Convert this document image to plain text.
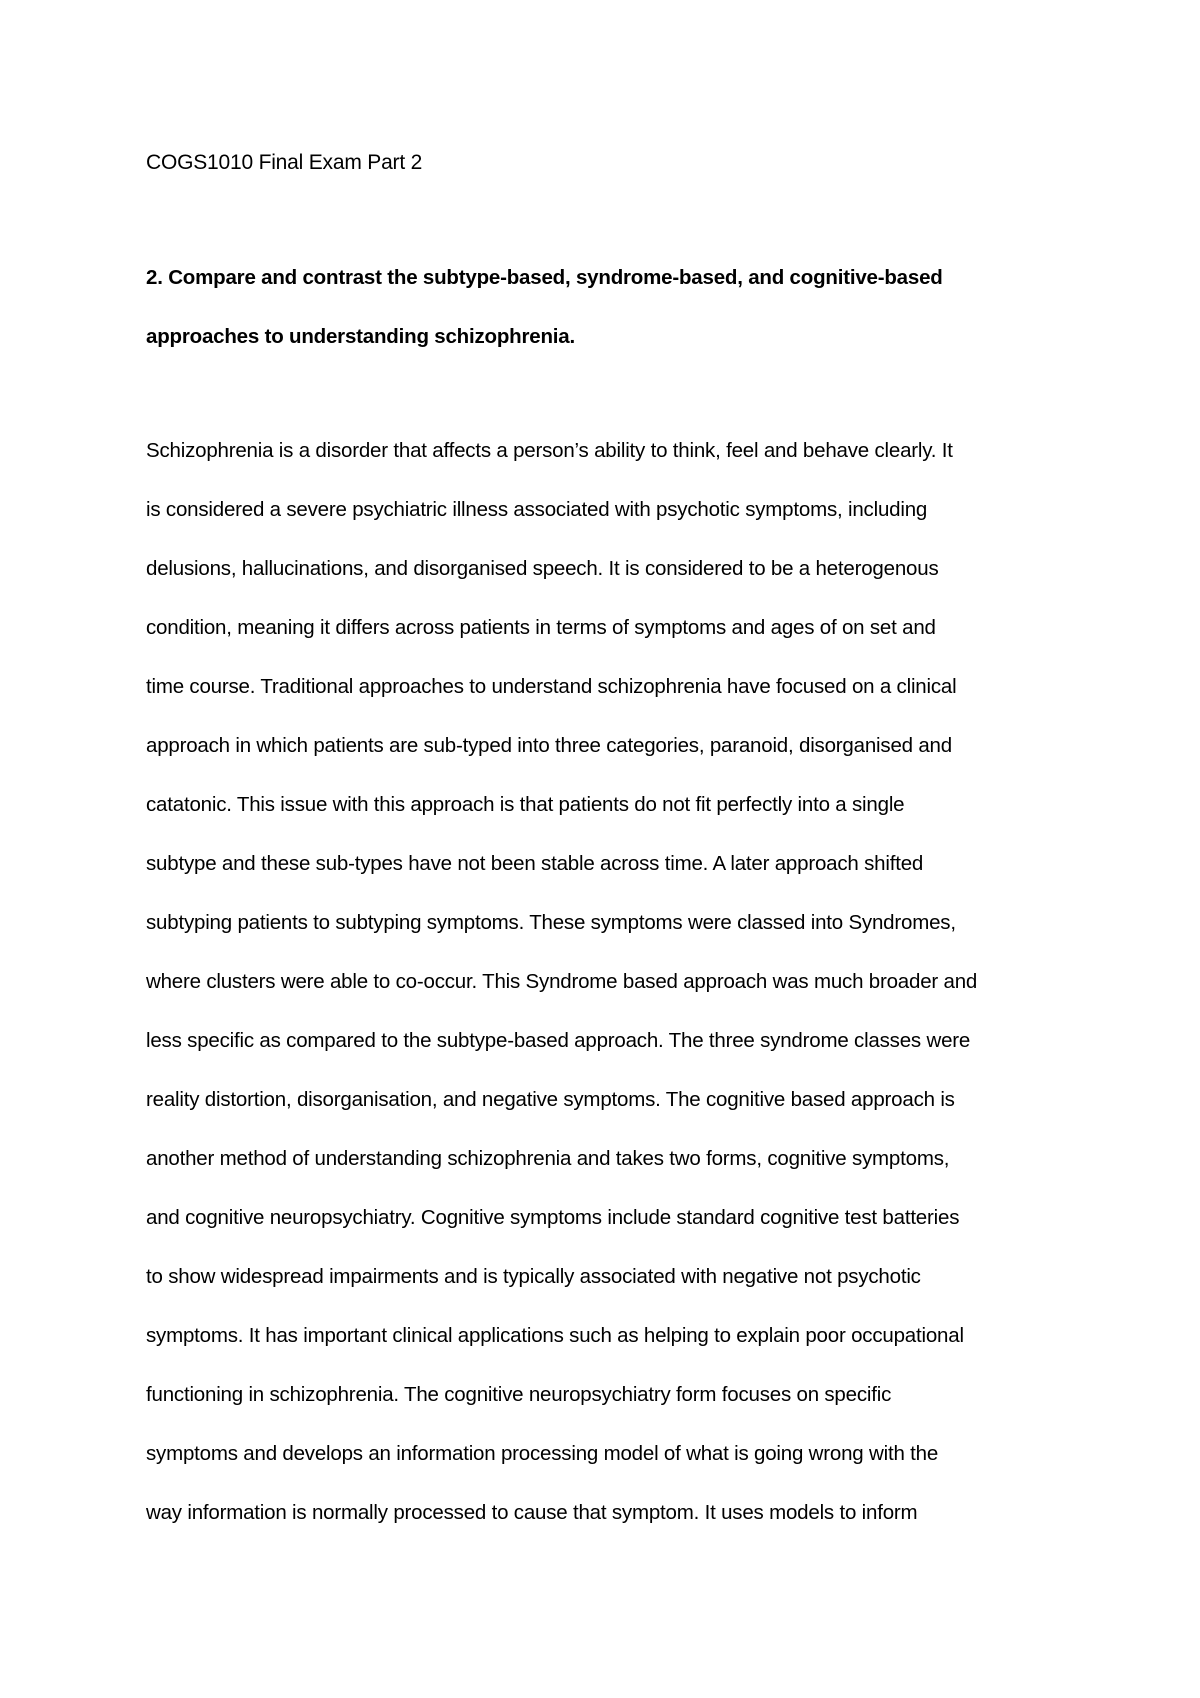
COGS1010 Final Exam Part 2
2. Compare and contrast the subtype-based, syndrome-based, and cognitive-based
approaches to understanding schizophrenia.
Schizophrenia is a disorder that affects a person’s ability to think, feel and behave clearly. It
is considered a severe psychiatric illness associated with psychotic symptoms, including
delusions, hallucinations, and disorganised speech. It is considered to be a heterogenous
condition, meaning it differs across patients in terms of symptoms and ages of on set and
time course. Traditional approaches to understand schizophrenia have focused on a clinical
approach in which patients are sub-typed into three categories, paranoid, disorganised and
catatonic. This issue with this approach is that patients do not fit perfectly into a single
subtype and these sub-types have not been stable across time. A later approach shifted
subtyping patients to subtyping symptoms. These symptoms were classed into Syndromes,
where clusters were able to co-occur. This Syndrome based approach was much broader and
less specific as compared to the subtype-based approach. The three syndrome classes were
reality distortion, disorganisation, and negative symptoms. The cognitive based approach is
another method of understanding schizophrenia and takes two forms, cognitive symptoms,
and cognitive neuropsychiatry. Cognitive symptoms include standard cognitive test batteries
to show widespread impairments and is typically associated with negative not psychotic
symptoms. It has important clinical applications such as helping to explain poor occupational
functioning in schizophrenia. The cognitive neuropsychiatry form focuses on specific
symptoms and develops an information processing model of what is going wrong with the
way information is normally processed to cause that symptom. It uses models to inform
